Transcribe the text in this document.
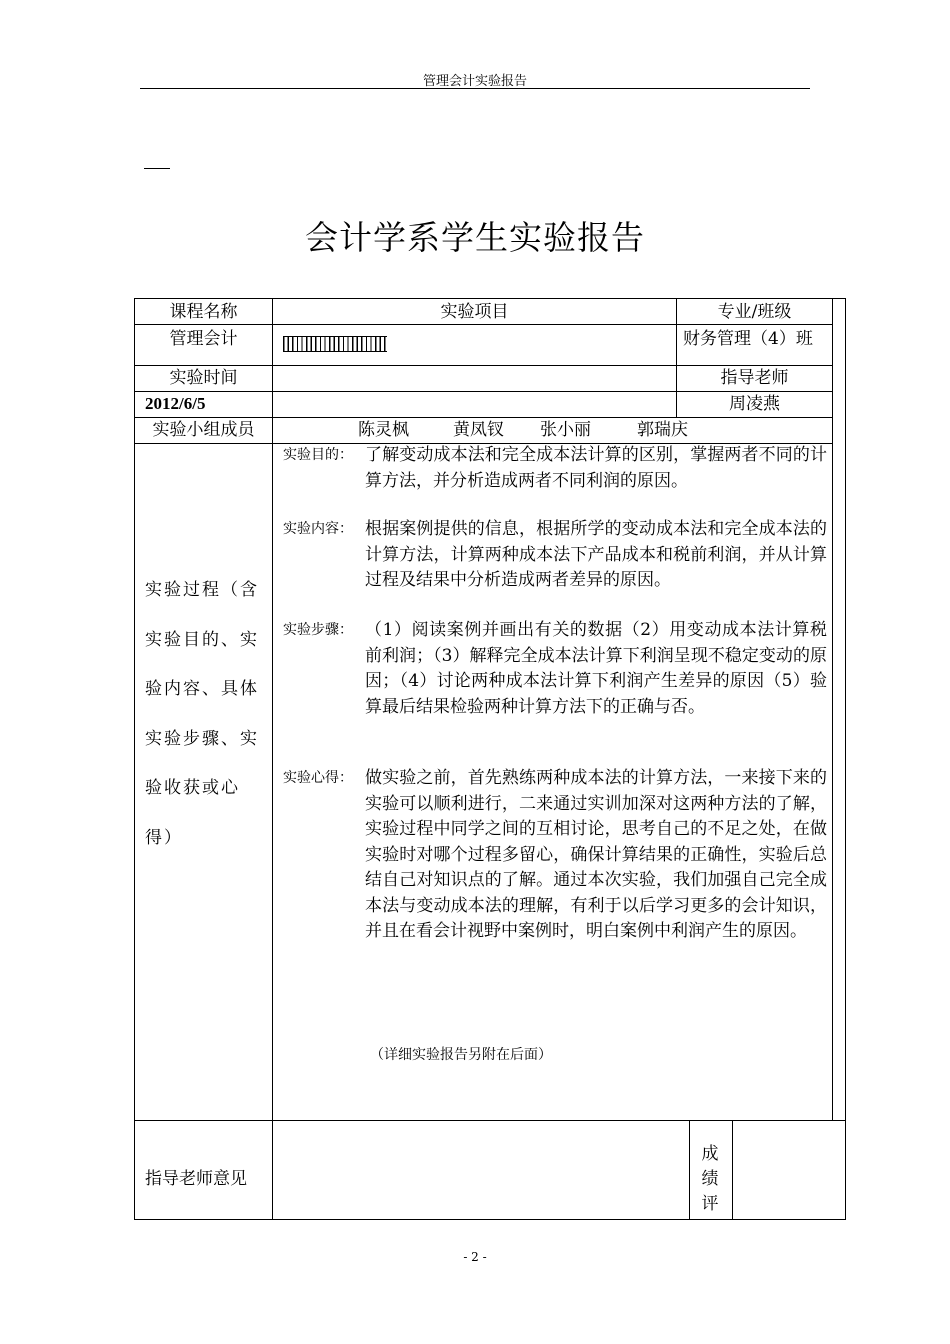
管理会计实验报告
会计学系学生实验报告
课程名称	实验项目	专业/班级
管理会计	财务管理（4）班
实验时间	指导老师
2012/6/5	周凌燕
实验小组成员	陈灵枫	黄凤钗 张小丽	郭瑞庆
实验过程（含实验目的、实验内容、具体实验步骤、实验收获或心得）
实验目的： 了解变动成本法和完全成本法计算的区别，掌握两者不同的计算方法，并分析造成两者不同利润的原因。
实验内容： 根据案例提供的信息，根据所学的变动成本法和完全成本法的计算方法，计算两种成本法下产品成本和税前利润，并从计算过程及结果中分析造成两者差异的原因。
实验步骤： （1）阅读案例并画出有关的数据（2）用变动成本法计算税前利润；（3）解释完全成本法计算下利润呈现不稳定变动的原因；（4）讨论两种成本法计算下利润产生差异的原因（5）验算最后结果检验两种计算方法下的正确与否。
实验心得： 做实验之前，首先熟练两种成本法的计算方法，一来接下来的实验可以顺利进行，二来通过实训加深对这两种方法的了解，实验过程中同学之间的互相讨论，思考自己的不足之处，在做实验时对哪个过程多留心，确保计算结果的正确性，实验后总结自己对知识点的了解。通过本次实验，我们加强自己完全成本法与变动成本法的理解，有利于以后学习更多的会计知识，并且在看会计视野中案例时，明白案例中利润产生的原因。
（详细实验报告另附在后面）
指导老师意见
成绩评
- 2 -
